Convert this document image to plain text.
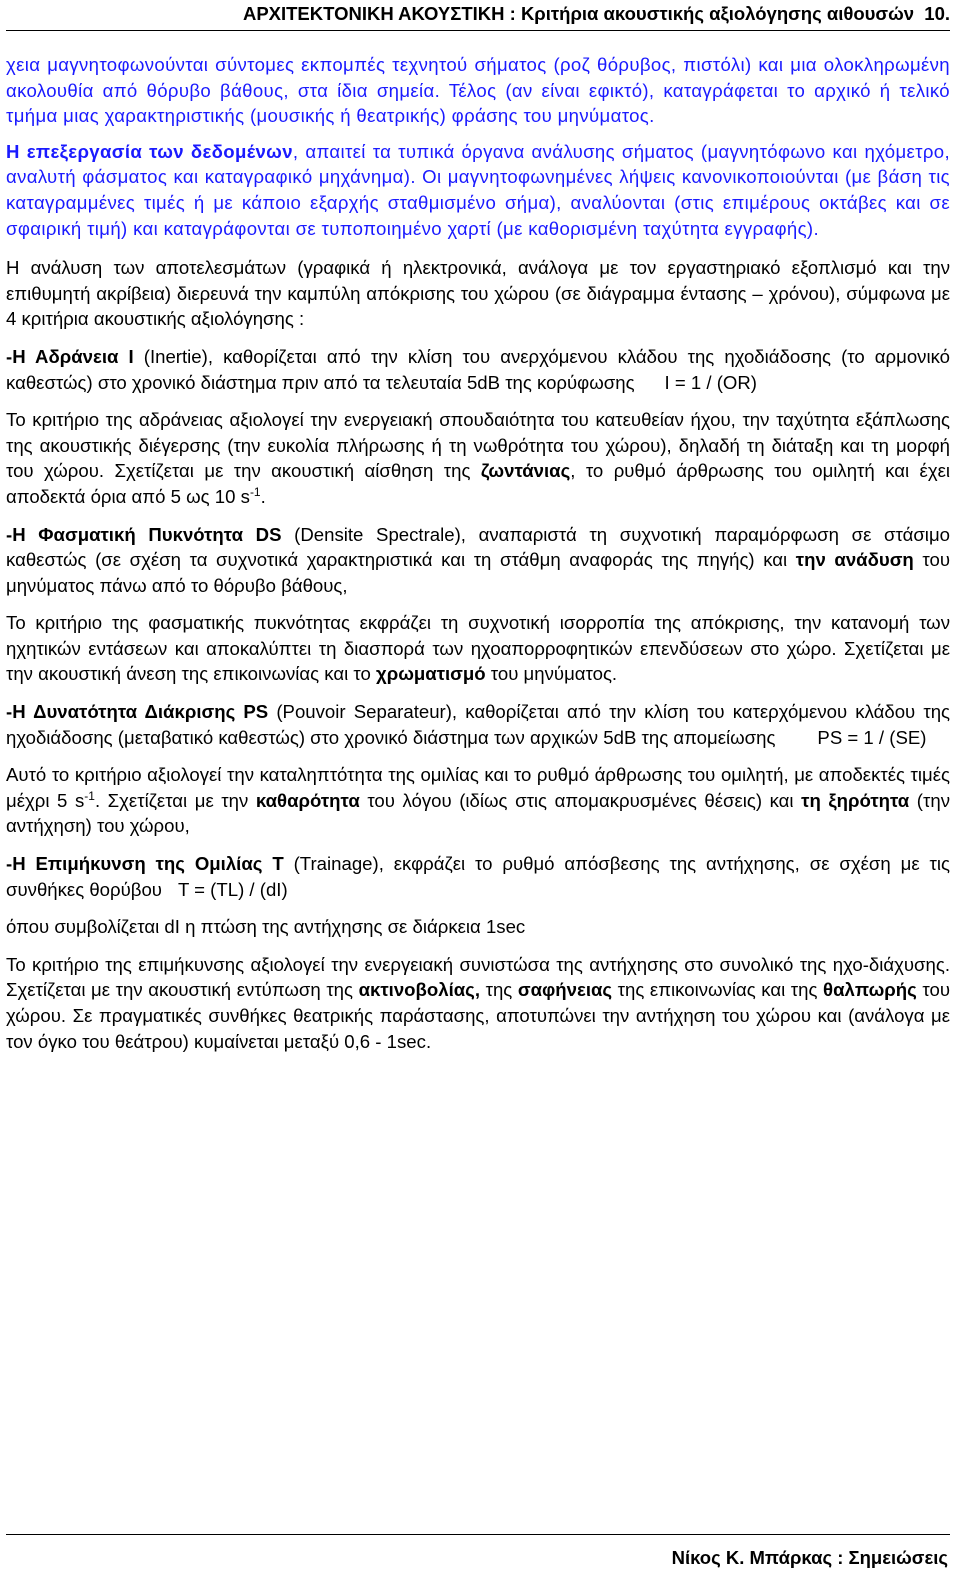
ΑΡΧΙΤΕΚΤΟΝΙΚΗ ΑΚΟΥΣΤΙΚΗ : Κριτήρια ακουστικής αξιολόγησης αιθουσών 10.

χεια μαγνητοφωνούνται σύντομες εκπομπές τεχνητού σήματος (ροζ θόρυβος, πιστόλι) και μια ολοκληρωμένη ακολουθία από θόρυβο βάθους, στα ίδια σημεία. Τέλος (αν είναι εφικτό), καταγράφεται το αρχικό ή τελικό τμήμα μιας χαρακτηριστικής (μουσικής ή θεατρικής) φράσης του μηνύματος.

Η επεξεργασία των δεδομένων, απαιτεί τα τυπικά όργανα ανάλυσης σήματος (μαγνητόφωνο και ηχόμετρο, αναλυτή φάσματος και καταγραφικό μηχάνημα). Οι μαγνητοφωνημένες λήψεις κανονικοποιούνται (με βάση τις καταγραμμένες τιμές ή με κάποιο εξαρχής σταθμισμένο σήμα), αναλύονται (στις επιμέρους οκτάβες και σε σφαιρική τιμή) και καταγράφονται σε τυποποιημένο χαρτί (με καθορισμένη ταχύτητα εγγραφής).

Η ανάλυση των αποτελεσμάτων (γραφικά ή ηλεκτρονικά, ανάλογα με τον εργαστηριακό εξοπλισμό και την επιθυμητή ακρίβεια) διερευνά την καμπύλη απόκρισης του χώρου (σε διάγραμμα έντασης – χρόνου), σύμφωνα με 4 κριτήρια ακουστικής αξιολόγησης :

-Η Αδράνεια Ι (Inertie), καθορίζεται από την κλίση του ανερχόμενου κλάδου της ηχοδιάδοσης (το αρμονικό καθεστώς) στο χρονικό διάστημα πριν από τα τελευταία 5dB της κορύφωσης Ι = 1 / (OR)

Το κριτήριο της αδράνειας αξιολογεί την ενεργειακή σπουδαιότητα του κατευθείαν ήχου, την ταχύτητα εξάπλωσης της ακουστικής διέγερσης (την ευκολία πλήρωσης ή τη νωθρότητα του χώρου), δηλαδή τη διάταξη και τη μορφή του χώρου. Σχετίζεται με την ακουστική αίσθηση της ζωντάνιας, το ρυθμό άρθρωσης του ομιλητή και έχει αποδεκτά όρια από 5 ως 10 $s^{-1}$.

-Η Φασματική Πυκνότητα DS (Densite Spectrale), αναπαριστά τη συχνοτική παραμόρφωση σε στάσιμο καθεστώς (σε σχέση τα συχνοτικά χαρακτηριστικά και τη στάθμη αναφοράς της πηγής) και την ανάδυση του μηνύματος πάνω από το θόρυβο βάθους,

Το κριτήριο της φασματικής πυκνότητας εκφράζει τη συχνοτική ισορροπία της απόκρισης, την κατανομή των ηχητικών εντάσεων και αποκαλύπτει τη διασπορά των ηχοαπορροφητικών επενδύσεων στο χώρο. Σχετίζεται με την ακουστική άνεση της επικοινωνίας και το χρωματισμό του μηνύματος.

-Η Δυνατότητα Διάκρισης PS (Pouvoir Separateur), καθορίζεται από την κλίση του κατερχόμενου κλάδου της ηχοδιάδοσης (μεταβατικό καθεστώς) στο χρονικό διάστημα των αρχικών 5dB της απομείωσης PS = 1 / (SE)

Αυτό το κριτήριο αξιολογεί την καταληπτότητα της ομιλίας και το ρυθμό άρθρωσης του ομιλητή, με αποδεκτές τιμές μέχρι 5 $s^{-1}$. Σχετίζεται με την καθαρότητα του λόγου (ιδίως στις απομακρυσμένες θέσεις) και τη ξηρότητα (την αντήχηση) του χώρου,

-Η Επιμήκυνση της Ομιλίας Τ (Trainage), εκφράζει το ρυθμό απόσβεσης της αντήχησης, σε σχέση με τις συνθήκες θορύβου Τ = (TL) / (dI)

όπου συμβολίζεται dI η πτώση της αντήχησης σε διάρκεια 1sec

Το κριτήριο της επιμήκυνσης αξιολογεί την ενεργειακή συνιστώσα της αντήχησης στο συνολικό της ηχο-διάχυσης. Σχετίζεται με την ακουστική εντύπωση της ακτινοβολίας, της σαφήνειας της επικοινωνίας και της θαλπωρής του χώρου. Σε πραγματικές συνθήκες θεατρικής παράστασης, αποτυπώνει την αντήχηση του χώρου και (ανάλογα με τον όγκο του θεάτρου) κυμαίνεται μεταξύ 0,6 - 1sec.

Νίκος Κ. Μπάρκας : Σημειώσεις
